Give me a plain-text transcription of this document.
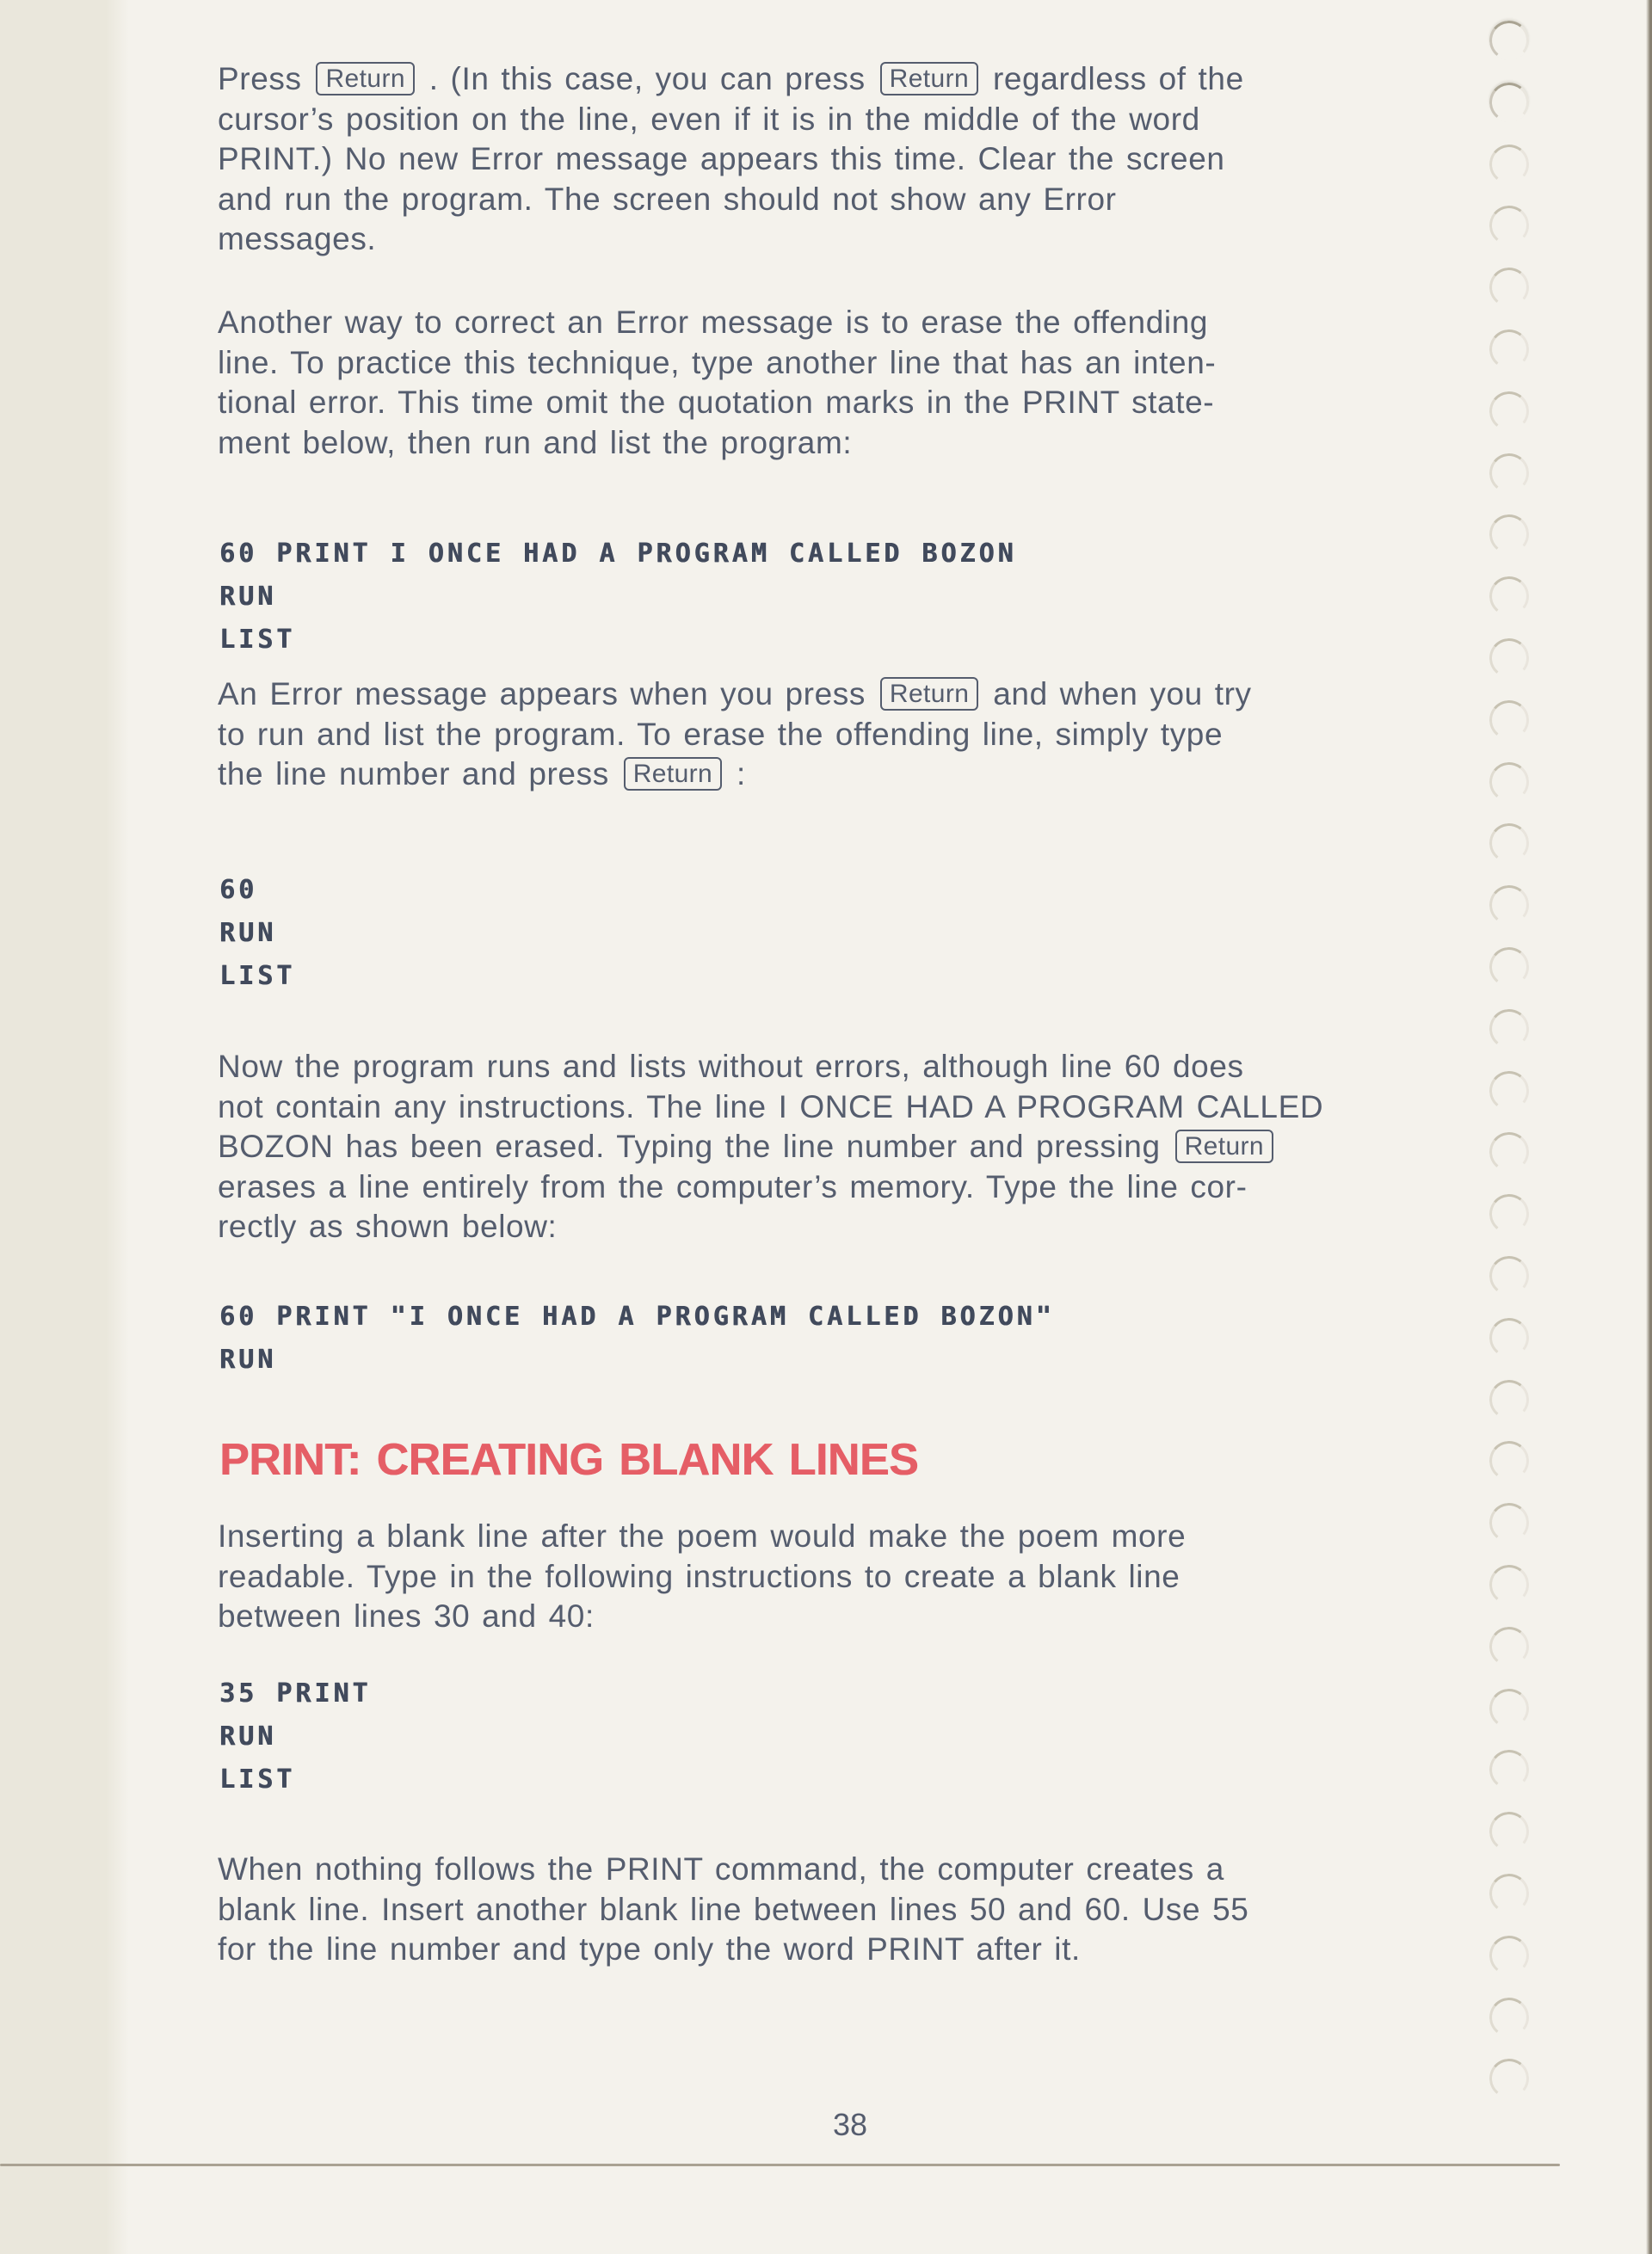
PRINT: CREATING BLANK LINES
Press Return . (In this case, you can press Return regardless of the
cursor’s position on the line, even if it is in the middle of the word
PRINT.) No new Error message appears this time. Clear the screen
and run the program. The screen should not show any Error
messages.
Another way to correct an Error message is to erase the offending
line. To practice this technique, type another line that has an inten-
tional error. This time omit the quotation marks in the PRINT state-
ment below, then run and list the program:
60 PRINT I ONCE HAD A PROGRAM CALLED BOZON
RUN
LIST
An Error message appears when you press Return and when you try
to run and list the program. To erase the offending line, simply type
the line number and press Return :
60
RUN
LIST
Now the program runs and lists without errors, although line 60 does
not contain any instructions. The line I ONCE HAD A PROGRAM CALLED
BOZON has been erased. Typing the line number and pressing Return
erases a line entirely from the computer’s memory. Type the line cor-
rectly as shown below:
60 PRINT "I ONCE HAD A PROGRAM CALLED BOZON"
RUN
Inserting a blank line after the poem would make the poem more
readable. Type in the following instructions to create a blank line
between lines 30 and 40:
35 PRINT
RUN
LIST
When nothing follows the PRINT command, the computer creates a
blank line. Insert another blank line between lines 50 and 60. Use 55
for the line number and type only the word PRINT after it.
38
